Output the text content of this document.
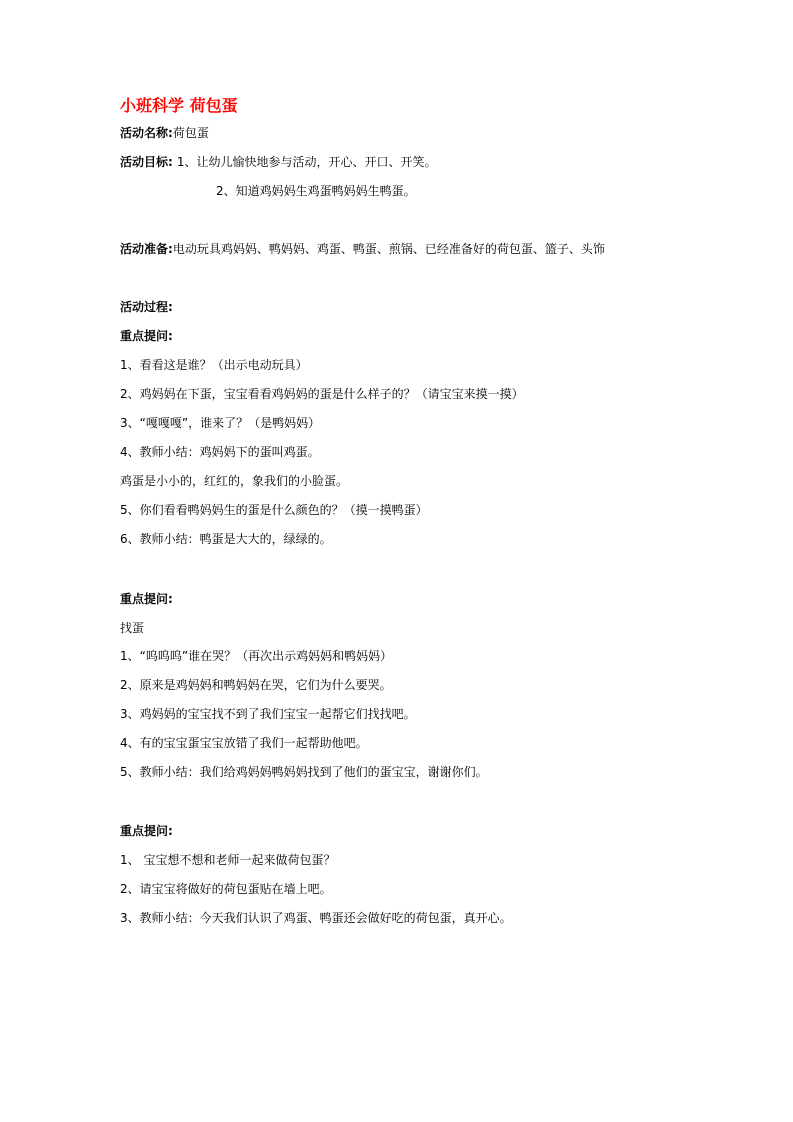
小班科学 荷包蛋
活动名称:荷包蛋
活动目标: 1、让幼儿愉快地参与活动，开心、开口、开笑。
2、知道鸡妈妈生鸡蛋鸭妈妈生鸭蛋。
活动准备:电动玩具鸡妈妈、鸭妈妈、鸡蛋、鸭蛋、煎锅、已经准备好的荷包蛋、篮子、头饰
活动过程:
重点提问:
1、看看这是谁？（出示电动玩具）
2、鸡妈妈在下蛋，宝宝看看鸡妈妈的蛋是什么样子的？（请宝宝来摸一摸）
3、“嘎嘎嘎”，谁来了？（是鸭妈妈）
4、教师小结：鸡妈妈下的蛋叫鸡蛋。
鸡蛋是小小的，红红的，象我们的小脸蛋。
5、你们看看鸭妈妈生的蛋是什么颜色的？（摸一摸鸭蛋）
6、教师小结：鸭蛋是大大的，绿绿的。
重点提问:
找蛋
1、“呜呜呜”谁在哭？（再次出示鸡妈妈和鸭妈妈）
2、原来是鸡妈妈和鸭妈妈在哭，它们为什么要哭。
3、鸡妈妈的宝宝找不到了我们宝宝一起帮它们找找吧。
4、有的宝宝蛋宝宝放错了我们一起帮助他吧。
5、教师小结：我们给鸡妈妈鸭妈妈找到了他们的蛋宝宝，谢谢你们。
重点提问:
1、 宝宝想不想和老师一起来做荷包蛋？
2、请宝宝将做好的荷包蛋贴在墙上吧。
3、教师小结：今天我们认识了鸡蛋、鸭蛋还会做好吃的荷包蛋，真开心。
